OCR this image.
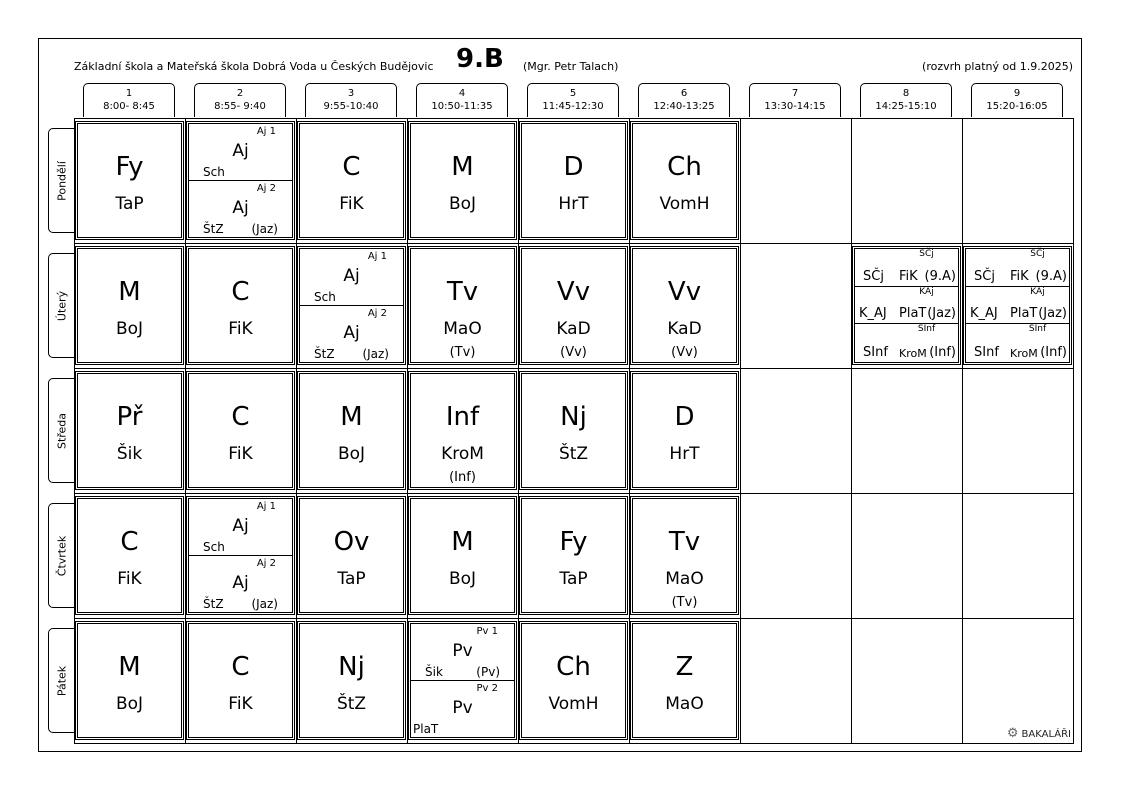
Základní škola a Mateřská škola Dobrá Voda u Českých Budějovic 9.B (Mgr. Petr Talach)	(rozvrh platný od 1.9.2025)
1
8:00- 8:45
2
8:55- 9:40
3
9:55-10:40
4
10:50-11:35
5
11:45-12:30
6
12:40-13:25
7
13:30-14:15
8
14:25-15:10
9
15:20-16:05
Pondělí
Úterý
Středa
Čtvrtek
Pátek
Fy
TaP
Aj 1
Aj
Sch
Aj 2
Aj
ŠtZ (Jaz)
C
FiK
M
BoJ
D
HrT
Ch
VomH
M
BoJ
C
FiK
Aj 1
Aj
Sch
Aj 2
Aj
ŠtZ (Jaz)
Tv
MaO
(Tv)
Vv
KaD
(Vv)
Vv
KaD
(Vv)
SČj
SČj FiK (9.A)
KAj
K_AJ PlaT (Jaz)
SInf
SInf KroM (Inf)
SČj
SČj FiK (9.A)
KAj
K_AJ PlaT (Jaz)
SInf
SInf KroM (Inf)
Př
Šik
C
FiK
M
BoJ
Inf
KroM
(Inf)
Nj
ŠtZ
D
HrT
C
FiK
Aj 1
Aj
Sch
Aj 2
Aj
ŠtZ (Jaz)
Ov
TaP
M
BoJ
Fy
TaP
Tv
MaO
(Tv)
M
BoJ
C
FiK
Nj
ŠtZ
Pv 1
Pv
Šik	(Pv)
Pv 2
Pv
PlaT
Ch
VomH
Z
MaO
⚙ BAKALÁŘI
